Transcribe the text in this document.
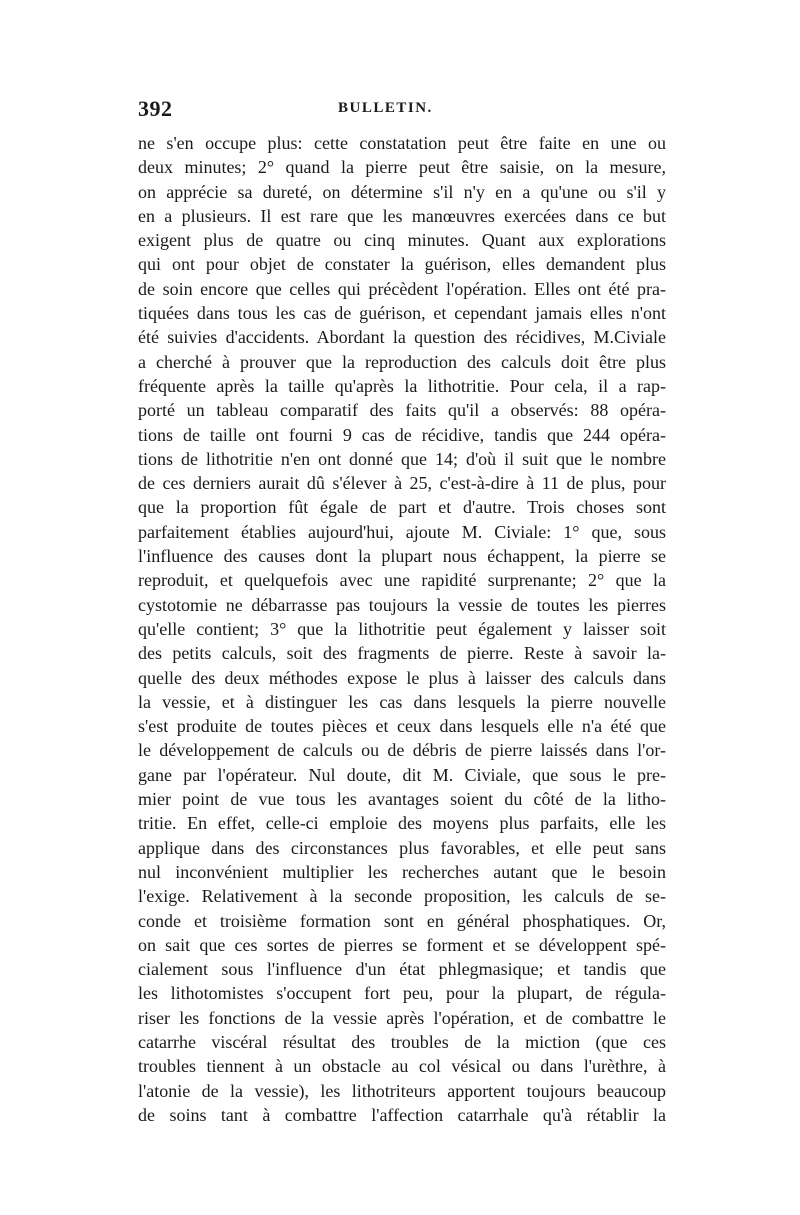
392	BULLETIN.
ne s'en occupe plus: cette constatation peut être faite en une ou
deux minutes; 2° quand la pierre peut être saisie, on la mesure,
on apprécie sa dureté, on détermine s'il n'y en a qu'une ou s'il y
en a plusieurs. Il est rare que les manœuvres exercées dans ce but
exigent plus de quatre ou cinq minutes. Quant aux explorations
qui ont pour objet de constater la guérison, elles demandent plus
de soin encore que celles qui précèdent l'opération. Elles ont été pra-
tiquées dans tous les cas de guérison, et cependant jamais elles n'ont
été suivies d'accidents. Abordant la question des récidives, M.Civiale
a cherché à prouver que la reproduction des calculs doit être plus
fréquente après la taille qu'après la lithotritie. Pour cela, il a rap-
porté un tableau comparatif des faits qu'il a observés: 88 opéra-
tions de taille ont fourni 9 cas de récidive, tandis que 244 opéra-
tions de lithotritie n'en ont donné que 14; d'où il suit que le nombre
de ces derniers aurait dû s'élever à 25, c'est-à-dire à 11 de plus, pour
que la proportion fût égale de part et d'autre. Trois choses sont
parfaitement établies aujourd'hui, ajoute M. Civiale: 1° que, sous
l'influence des causes dont la plupart nous échappent, la pierre se
reproduit, et quelquefois avec une rapidité surprenante; 2° que la
cystotomie ne débarrasse pas toujours la vessie de toutes les pierres
qu'elle contient; 3° que la lithotritie peut également y laisser soit
des petits calculs, soit des fragments de pierre. Reste à savoir la-
quelle des deux méthodes expose le plus à laisser des calculs dans
la vessie, et à distinguer les cas dans lesquels la pierre nouvelle
s'est produite de toutes pièces et ceux dans lesquels elle n'a été que
le développement de calculs ou de débris de pierre laissés dans l'or-
gane par l'opérateur. Nul doute, dit M. Civiale, que sous le pre-
mier point de vue tous les avantages soient du côté de la litho-
tritie. En effet, celle-ci emploie des moyens plus parfaits, elle les
applique dans des circonstances plus favorables, et elle peut sans
nul inconvénient multiplier les recherches autant que le besoin
l'exige. Relativement à la seconde proposition, les calculs de se-
conde et troisième formation sont en général phosphatiques. Or,
on sait que ces sortes de pierres se forment et se développent spé-
cialement sous l'influence d'un état phlegmasique; et tandis que
les lithotomistes s'occupent fort peu, pour la plupart, de régula-
riser les fonctions de la vessie après l'opération, et de combattre le
catarrhe viscéral résultat des troubles de la miction (que ces
troubles tiennent à un obstacle au col vésical ou dans l'urèthre, à
l'atonie de la vessie), les lithotriteurs apportent toujours beaucoup
de soins tant à combattre l'affection catarrhale qu'à rétablir la
